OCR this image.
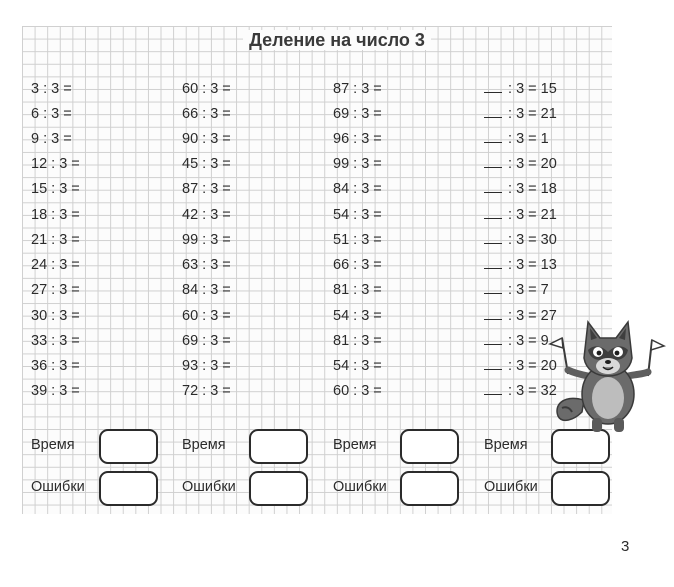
Деление на число 3
3 : 3 =
6 : 3 =
9 : 3 =
12 : 3 =
15 : 3 =
18 : 3 =
21 : 3 =
24 : 3 =
27 : 3 =
30 : 3 =
33 : 3 =
36 : 3 =
39 : 3 =
60 : 3 =
66 : 3 =
90 : 3 =
45 : 3 =
87 : 3 =
42 : 3 =
99 : 3 =
63 : 3 =
84 : 3 =
60 : 3 =
69 : 3 =
93 : 3 =
72 : 3 =
87 : 3 =
69 : 3 =
96 : 3 =
99 : 3 =
84 : 3 =
54 : 3 =
51 : 3 =
66 : 3 =
81 : 3 =
54 : 3 =
81 : 3 =
54 : 3 =
60 : 3 =
: 3 = 15
: 3 = 21
: 3 = 1
: 3 = 20
: 3 = 18
: 3 = 21
: 3 = 30
: 3 = 13
: 3 = 7
: 3 = 27
: 3 = 9
: 3 = 20
: 3 = 32
Время
Ошибки
Время
Ошибки
Время
Ошибки
Время
Ошибки
3
